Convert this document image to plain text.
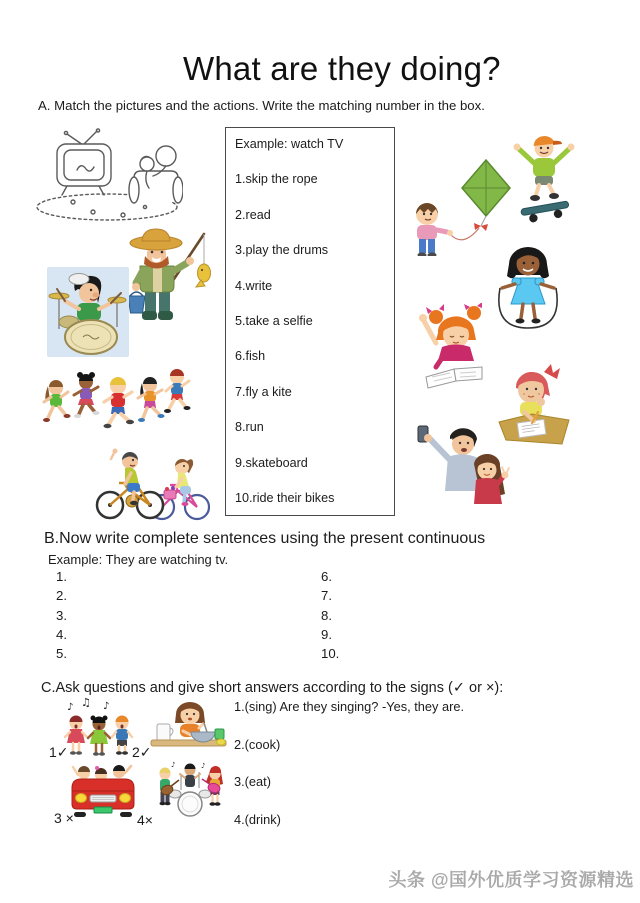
What are they doing?
A. Match the pictures and the actions. Write the matching number in the box.
Example: watch TV
1.skip the rope
2.read
3.play the drums
4.write
5.take a selfie
6.fish
7.fly a kite
8.run
9.skateboard
10.ride their bikes
B.Now write complete sentences using the present continuous
Example: They are watching tv.
1.
2.
3.
4.
5.
6.
7.
8.
9.
10.
C.Ask questions and give short answers according to the signs (✓ or ×):
♪ ♫ ♪
♪
♪
1✓	2✓
3 ×	4×
1.(sing) Are they singing? -Yes, they are.
2.(cook)
3.(eat)
4.(drink)
头条 @国外优质学习资源精选
